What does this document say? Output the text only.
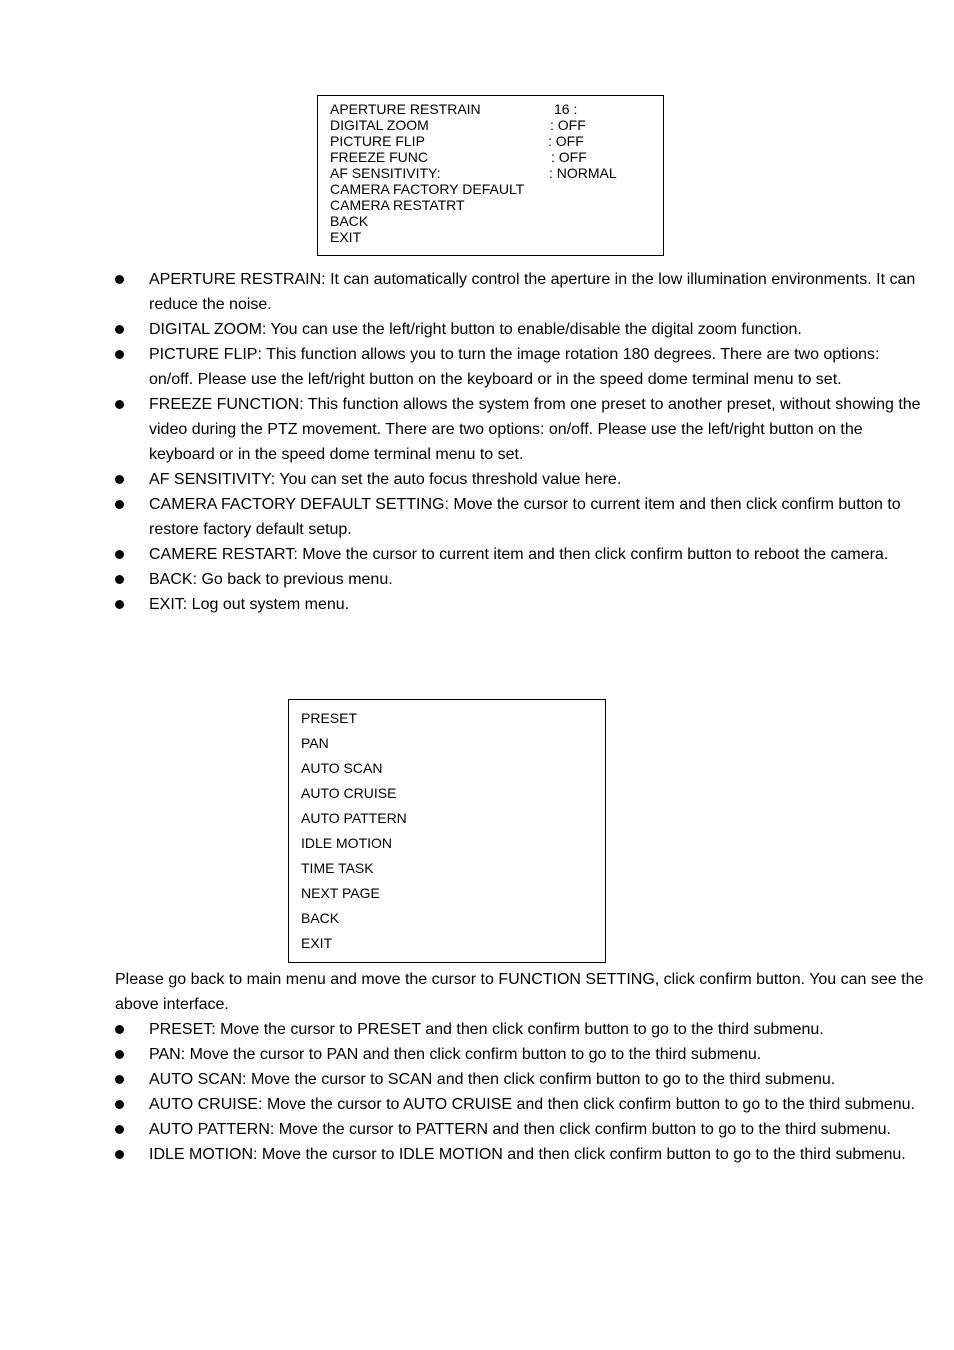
APERTURE RESTRAIN	16 :
DIGITAL ZOOM	: OFF
PICTURE FLIP	: OFF
FREEZE FUNC	: OFF
AF SENSITIVITY:	: NORMAL
CAMERA FACTORY DEFAULT
CAMERA RESTATRT
BACK
EXIT
APERTURE RESTRAIN: It can automatically control the aperture in the low illumination environments. It can reduce the noise.
DIGITAL ZOOM: You can use the left/right button to enable/disable the digital zoom function.
PICTURE FLIP: This function allows you to turn the image rotation 180 degrees. There are two options: on/off. Please use the left/right button on the keyboard or in the speed dome terminal menu to set.
FREEZE FUNCTION: This function allows the system from one preset to another preset, without showing the video during the PTZ movement. There are two options: on/off. Please use the left/right button on the keyboard or in the speed dome terminal menu to set.
AF SENSITIVITY: You can set the auto focus threshold value here.
CAMERA FACTORY DEFAULT SETTING: Move the cursor to current item and then click confirm button to restore factory default setup.
CAMERE RESTART: Move the cursor to current item and then click confirm button to reboot the camera.
BACK: Go back to previous menu.
EXIT: Log out system menu.
PRESET
PAN
AUTO SCAN
AUTO CRUISE
AUTO PATTERN
IDLE MOTION
TIME TASK
NEXT PAGE
BACK
EXIT

Please go back to main menu and move the cursor to FUNCTION SETTING, click confirm button. You can see the above interface.

PRESET: Move the cursor to PRESET and then click confirm button to go to the third submenu.
PAN: Move the cursor to PAN and then click confirm button to go to the third submenu.
AUTO SCAN: Move the cursor to SCAN and then click confirm button to go to the third submenu.
AUTO CRUISE: Move the cursor to AUTO CRUISE and then click confirm button to go to the third submenu.
AUTO PATTERN: Move the cursor to PATTERN and then click confirm button to go to the third submenu.
IDLE MOTION: Move the cursor to IDLE MOTION and then click confirm button to go to the third submenu.
